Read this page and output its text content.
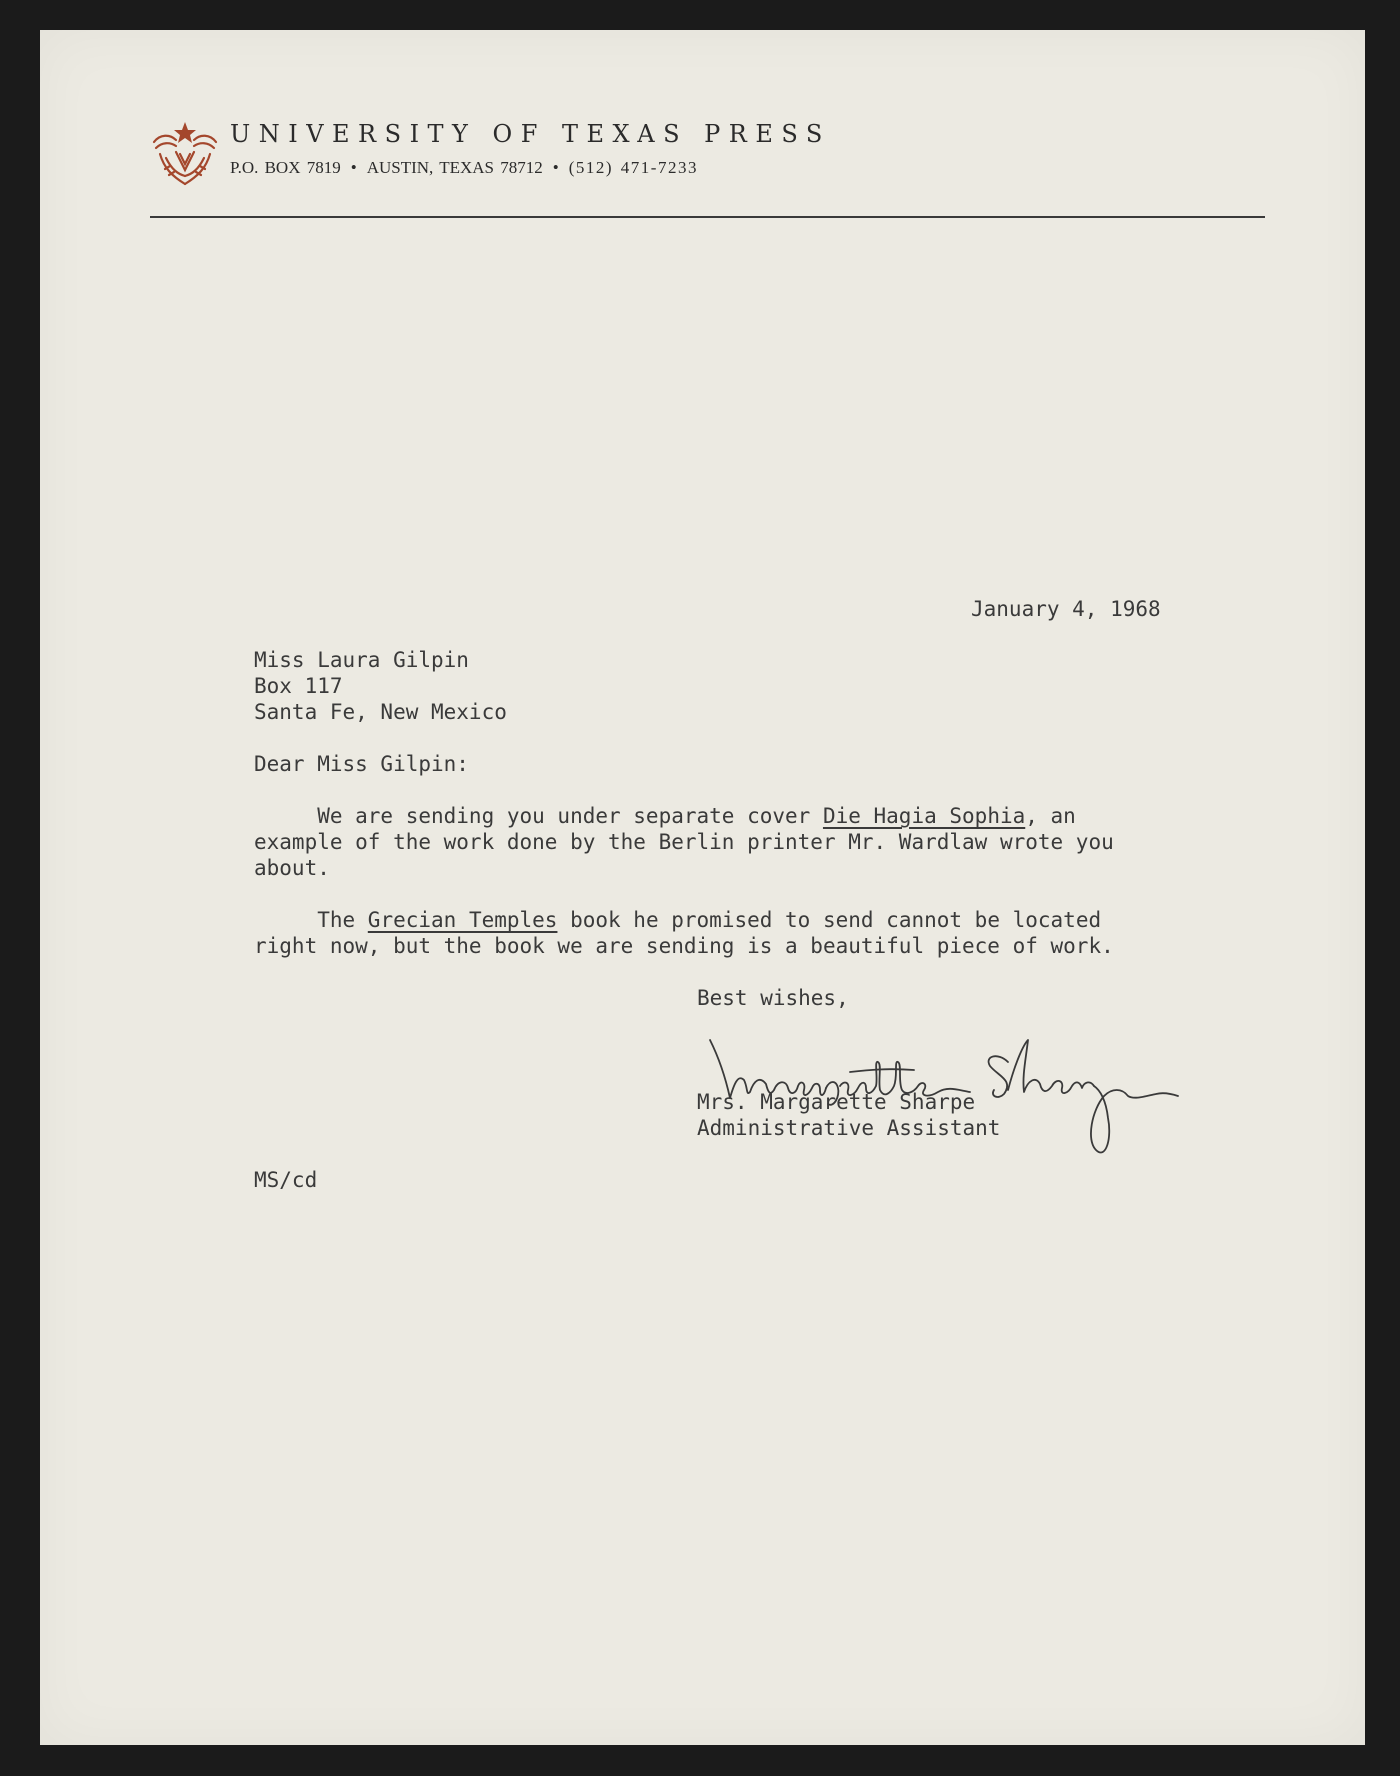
UNIVERSITY OF TEXAS PRESS
P.O. BOX 7819 • AUSTIN, TEXAS 78712 • (512) 471-7233
January 4, 1968
Miss Laura Gilpin
Box 117
Santa Fe, New Mexico
Dear Miss Gilpin:
We are sending you under separate cover Die Hagia Sophia, an
example of the work done by the Berlin printer Mr. Wardlaw wrote you
about.
The Grecian Temples book he promised to send cannot be located
right now, but the book we are sending is a beautiful piece of work.
Best wishes,
Mrs. Margarette Sharpe
Administrative Assistant
MS/cd
